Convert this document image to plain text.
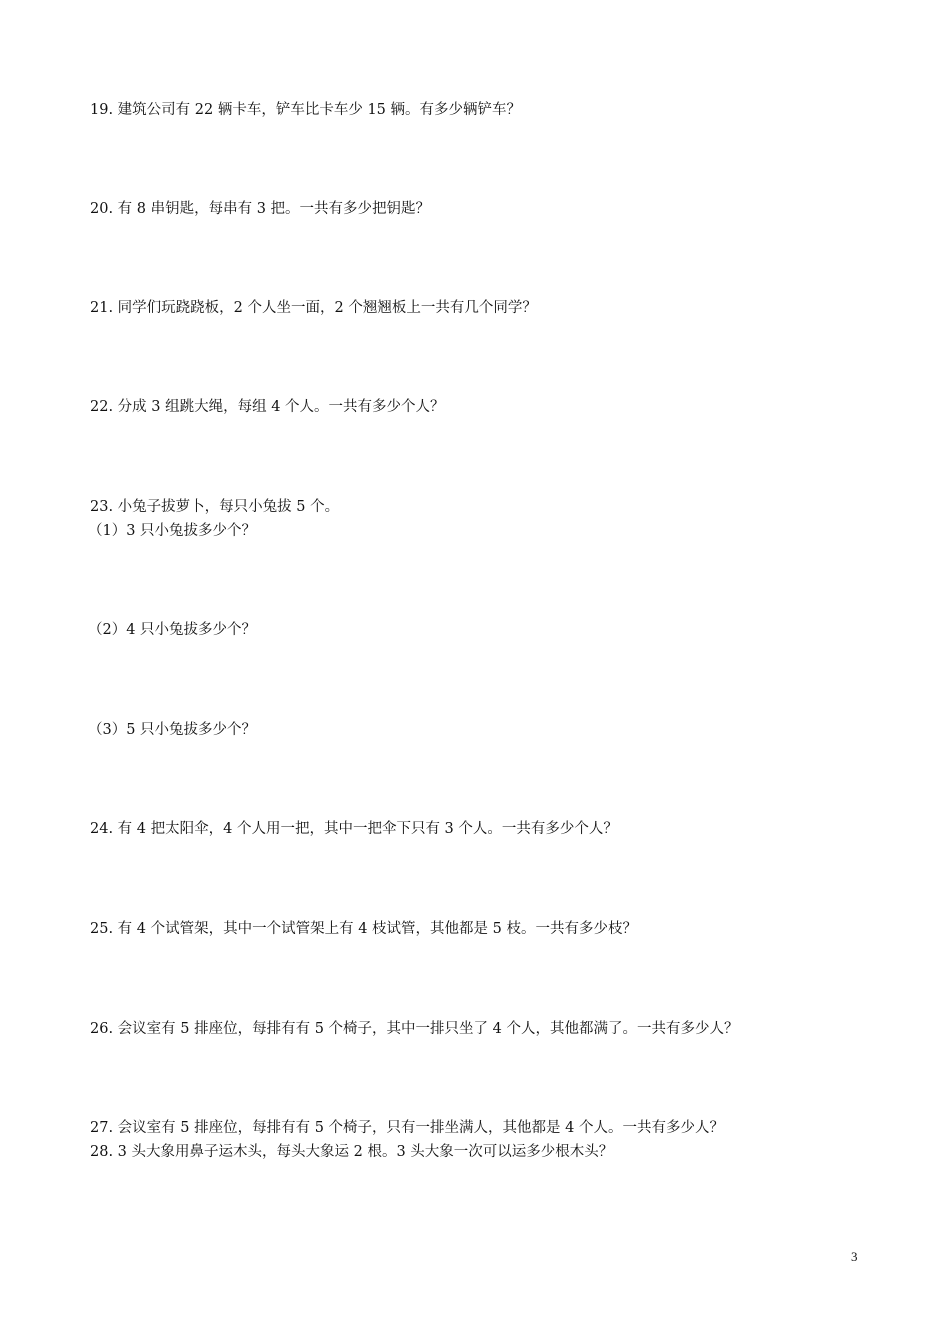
19. 建筑公司有 22 辆卡车，铲车比卡车少 15 辆。有多少辆铲车？
20. 有 8 串钥匙，每串有 3 把。一共有多少把钥匙？
21. 同学们玩跷跷板，2 个人坐一面，2 个翘翘板上一共有几个同学？
22. 分成 3 组跳大绳，每组 4 个人。一共有多少个人？
23. 小兔子拔萝卜，每只小兔拔 5 个。
（1）3 只小兔拔多少个？
（2）4 只小兔拔多少个？
（3）5 只小兔拔多少个？
24. 有 4 把太阳伞，4 个人用一把，其中一把伞下只有 3 个人。一共有多少个人？
25. 有 4 个试管架，其中一个试管架上有 4 枝试管，其他都是 5 枝。一共有多少枝？
26. 会议室有 5 排座位，每排有有 5 个椅子，其中一排只坐了 4 个人，其他都满了。一共有多少人？
27. 会议室有 5 排座位，每排有有 5 个椅子，只有一排坐满人，其他都是 4 个人。一共有多少人？
28. 3 头大象用鼻子运木头，每头大象运 2 根。3 头大象一次可以运多少根木头？
3
